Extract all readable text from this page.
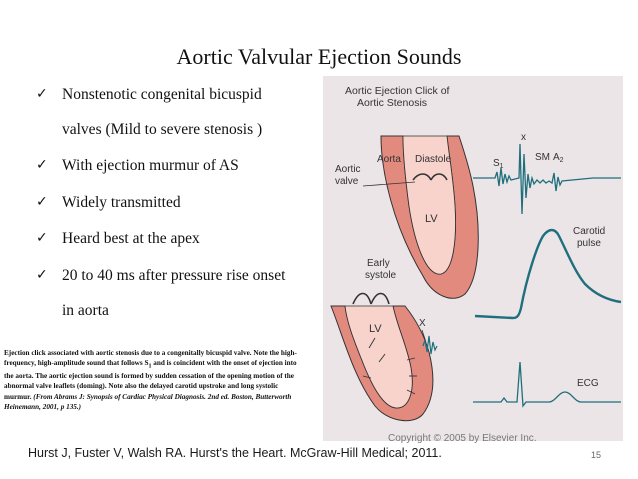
Aortic Valvular Ejection Sounds
✓ Nonstenotic congenital bicuspid
valves (Mild to severe stenosis )
✓ With ejection murmur of AS
✓ Widely transmitted
✓ Heard best at the apex
✓ 20 to 40 ms after pressure rise onset
in aorta
Ejection click associated with aortic stenosis due to a congenitally bicuspid valve. Note the high-frequency, high-amplitude sound that follows $S_1$ and is coincident with the onset of ejection into the aorta. The aortic ejection sound is formed by sudden cessation of the opening motion of the abnormal valve leaflets (doming). Note also the delayed carotid upstroke and long systolic murmur. (From Abrams J: Synopsis of Cardiac Physical Diagnosis. 2nd ed. Boston, Butterworth Heinemann, 2001, p 135.)
Aortic Ejection Click of
Aortic Stenosis
Aortic
valve
Aorta Diastole
LV
Early
systole
LV	X
$S_1$
x
SM $A_2$
Carotid
pulse
ECG
Copyright © 2005 by Elsevier Inc.
Hurst J, Fuster V, Walsh RA. Hurst's the Heart. McGraw-Hill Medical; 2011.	15
